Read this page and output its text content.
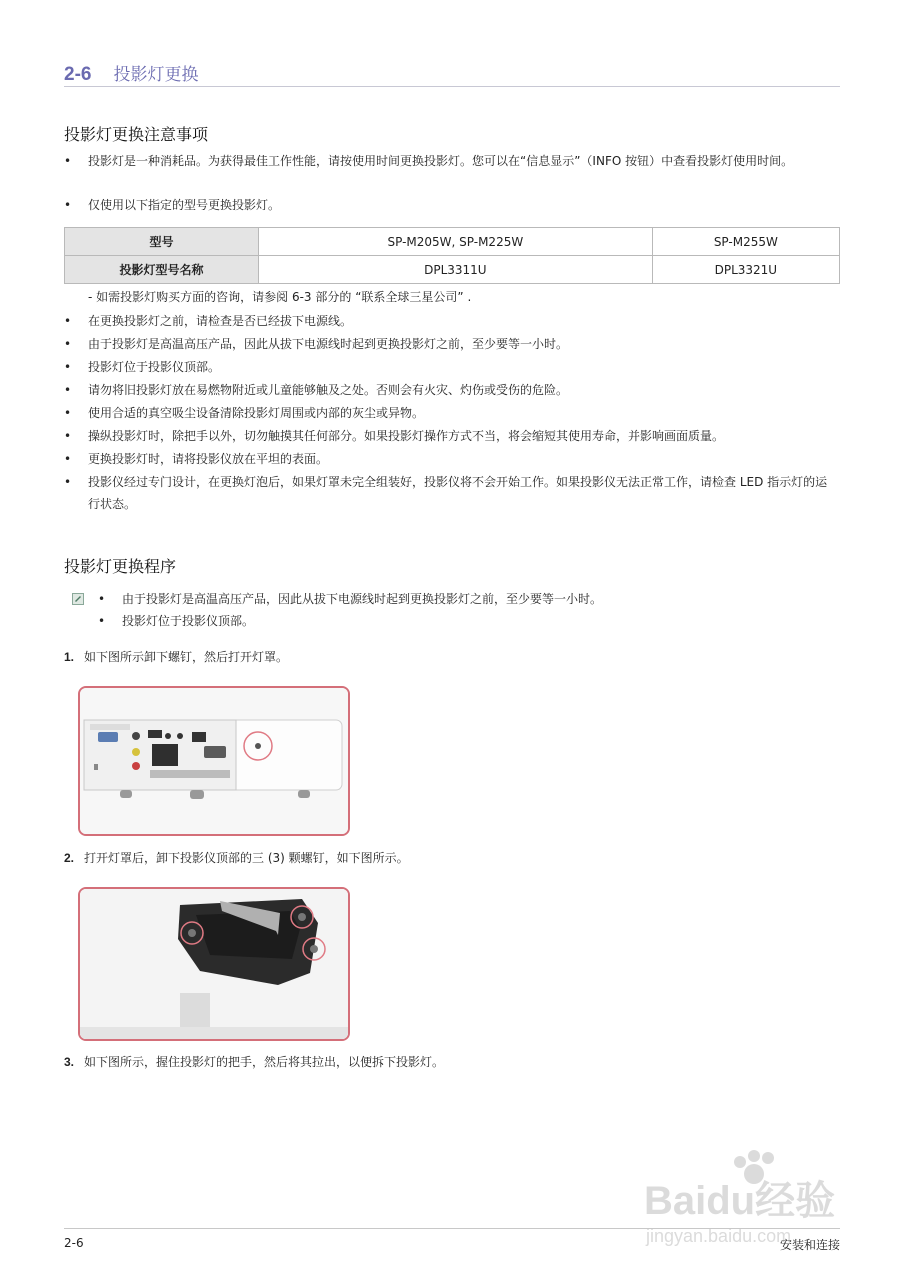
2-6 投影灯更换
投影灯更换注意事项
• 投影灯是一种消耗品。为获得最佳工作性能，请按使用时间更换投影灯。您可以在“信息显示”（INFO 按钮）中查看投影灯使用时间。
• 仅使用以下指定的型号更换投影灯。
型号	SP-M205W, SP-M225W	SP-M255W
投影灯型号名称	DPL3311U	DPL3321U
- 如需投影灯购买方面的咨询，请参阅 6-3 部分的 “联系全球三星公司” .
• 在更换投影灯之前，请检查是否已经拔下电源线。
• 由于投影灯是高温高压产品，因此从拔下电源线时起到更换投影灯之前，至少要等一小时。
• 投影灯位于投影仪顶部。
• 请勿将旧投影灯放在易燃物附近或儿童能够触及之处。否则会有火灾、灼伤或受伤的危险。
• 使用合适的真空吸尘设备清除投影灯周围或内部的灰尘或异物。
• 操纵投影灯时，除把手以外，切勿触摸其任何部分。如果投影灯操作方式不当，将会缩短其使用寿命，并影响画面质量。
• 更换投影灯时，请将投影仪放在平坦的表面。
• 投影仪经过专门设计，在更换灯泡后，如果灯罩未完全组装好，投影仪将不会开始工作。如果投影仪无法正常工作，请检查 LED 指示灯的运行状态。
投影灯更换程序
• 由于投影灯是高温高压产品，因此从拔下电源线时起到更换投影灯之前，至少要等一小时。
• 投影灯位于投影仪顶部。
1. 如下图所示卸下螺钉，然后打开灯罩。
2. 打开灯罩后，卸下投影仪顶部的三 (3) 颗螺钉，如下图所示。
3. 如下图所示，握住投影灯的把手，然后将其拉出，以便拆下投影灯。
Baidu经验
jingyan.baidu.com
2-6	安装和连接
